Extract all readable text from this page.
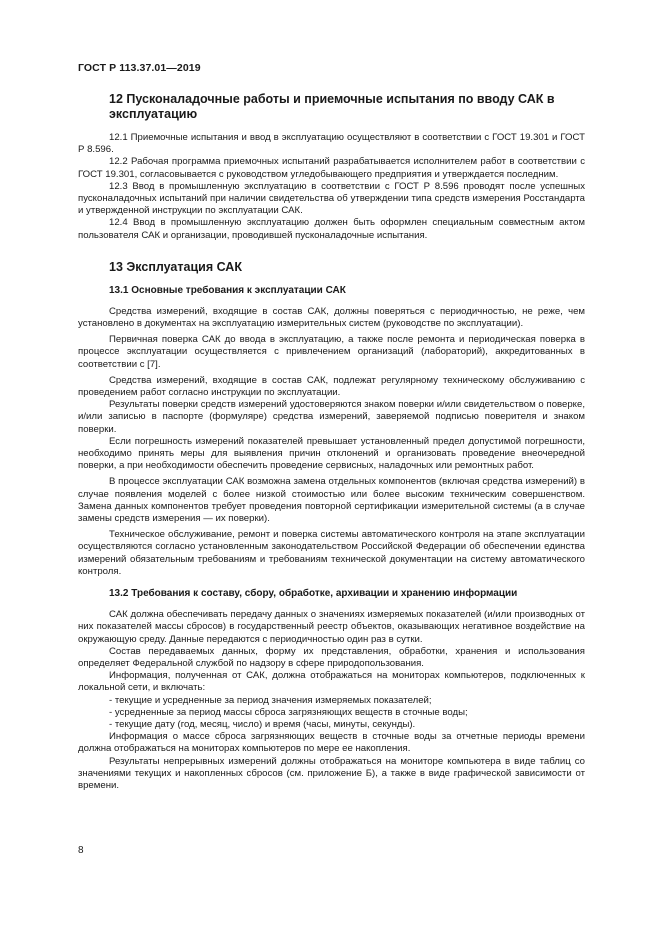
ГОСТ Р 113.37.01—2019
12 Пусконаладочные работы и приемочные испытания по вводу САК в эксплуатацию

12.1 Приемочные испытания и ввод в эксплуатацию осуществляют в соответствии с ГОСТ 19.301 и ГОСТ Р 8.596.

12.2 Рабочая программа приемочных испытаний разрабатывается исполнителем работ в соответствии с ГОСТ 19.301, согласовывается с руководством угледобывающего предприятия и утверждается последним.

12.3 Ввод в промышленную эксплуатацию в соответствии с ГОСТ Р 8.596 проводят после успешных пусконаладочных испытаний при наличии свидетельства об утверждении типа средств измерения Росстандарта и утвержденной инструкции по эксплуатации САК.

12.4 Ввод в промышленную эксплуатацию должен быть оформлен специальным совместным актом пользователя САК и организации, проводившей пусконаладочные испытания.

13 Эксплуатация САК
13.1 Основные требования к эксплуатации САК

Средства измерений, входящие в состав САК, должны поверяться с периодичностью, не реже, чем установлено в документах на эксплуатацию измерительных систем (руководстве по эксплуатации).

Первичная поверка САК до ввода в эксплуатацию, а также после ремонта и периодическая поверка в процессе эксплуатации осуществляется с привлечением организаций (лабораторий), аккредитованных в соответствии с [7].

Средства измерений, входящие в состав САК, подлежат регулярному техническому обслуживанию с проведением работ согласно инструкции по эксплуатации.

Результаты поверки средств измерений удостоверяются знаком поверки и/или свидетельством о поверке, и/или записью в паспорте (формуляре) средства измерений, заверяемой подписью поверителя и знаком поверки.

Если погрешность измерений показателей превышает установленный предел допустимой погрешности, необходимо принять меры для выявления причин отклонений и организовать проведение внеочередной поверки, а при необходимости обеспечить проведение сервисных, наладочных или ремонтных работ.

В процессе эксплуатации САК возможна замена отдельных компонентов (включая средства измерений) в случае появления моделей с более низкой стоимостью или более высоким техническим совершенством. Замена данных компонентов требует проведения повторной сертификации измерительной системы (а в случае замены средств измерения — их поверки).

Техническое обслуживание, ремонт и поверка системы автоматического контроля на этапе эксплуатации осуществляются согласно установленным законодательством Российской Федерации об обеспечении единства измерений обязательным требованиям и требованиям технической документации на систему автоматического контроля.

13.2 Требования к составу, сбору, обработке, архивации и хранению информации

САК должна обеспечивать передачу данных о значениях измеряемых показателей (и/или производных от них показателей массы сбросов) в государственный реестр объектов, оказывающих негативное воздействие на окружающую среду. Данные передаются с периодичностью один раз в сутки.

Состав передаваемых данных, форму их представления, обработки, хранения и использования определяет Федеральной службой по надзору в сфере природопользования.

Информация, полученная от САК, должна отображаться на мониторах компьютеров, подключенных к локальной сети, и включать:

- текущие и усредненные за период значения измеряемых показателей;

- усредненные за период массы сброса загрязняющих веществ в сточные воды;

- текущие дату (год, месяц, число) и время (часы, минуты, секунды).

Информация о массе сброса загрязняющих веществ в сточные воды за отчетные периоды времени должна отображаться на мониторах компьютеров по мере ее накопления.

Результаты непрерывных измерений должны отображаться на мониторе компьютера в виде таблиц со значениями текущих и накопленных сбросов (см. приложение Б), а также в виде графической зависимости от времени.

8
